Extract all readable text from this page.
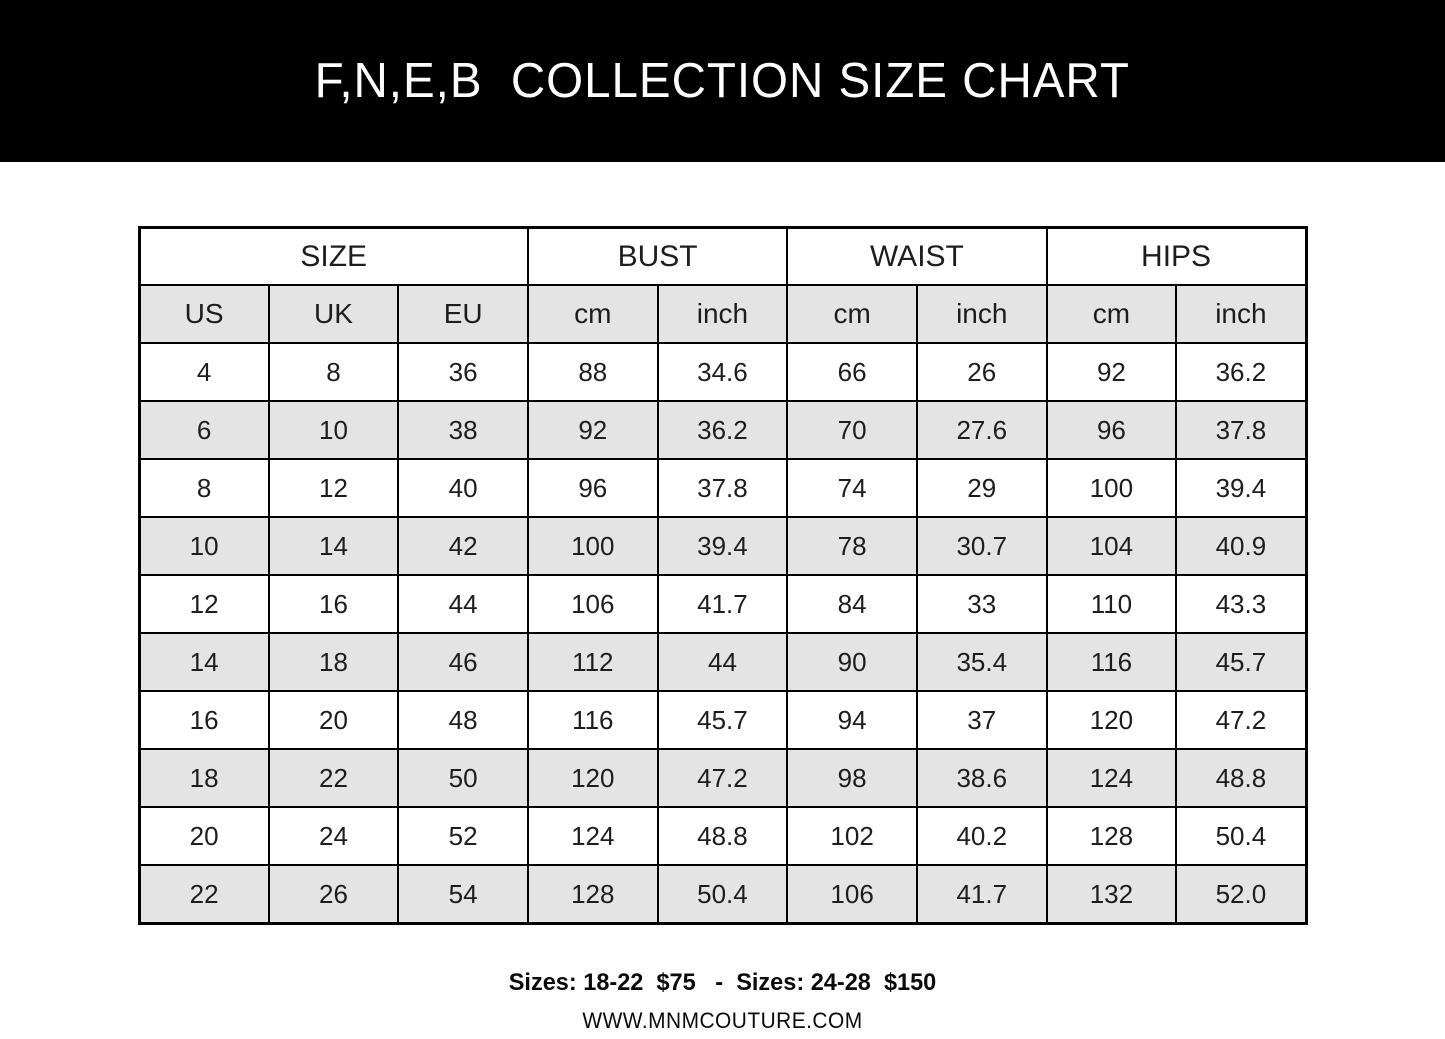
F,N,E,B  COLLECTION SIZE CHART
SIZE			BUST		WAIST		HIPS	
US	UK	EU	cm	inch	cm	inch	cm	inch
4	8	36	88	34.6	66	26	92	36.2
6	10	38	92	36.2	70	27.6	96	37.8
8	12	40	96	37.8	74	29	100	39.4
10	14	42	100	39.4	78	30.7	104	40.9
12	16	44	106	41.7	84	33	110	43.3
14	18	46	112	44	90	35.4	116	45.7
16	20	48	116	45.7	94	37	120	47.2
18	22	50	120	47.2	98	38.6	124	48.8
20	24	52	124	48.8	102	40.2	128	50.4
22	26	54	128	50.4	106	41.7	132	52.0

Sizes: 18-22  $75   -  Sizes: 24-28  $150

WWW.MNMCOUTURE.COM
